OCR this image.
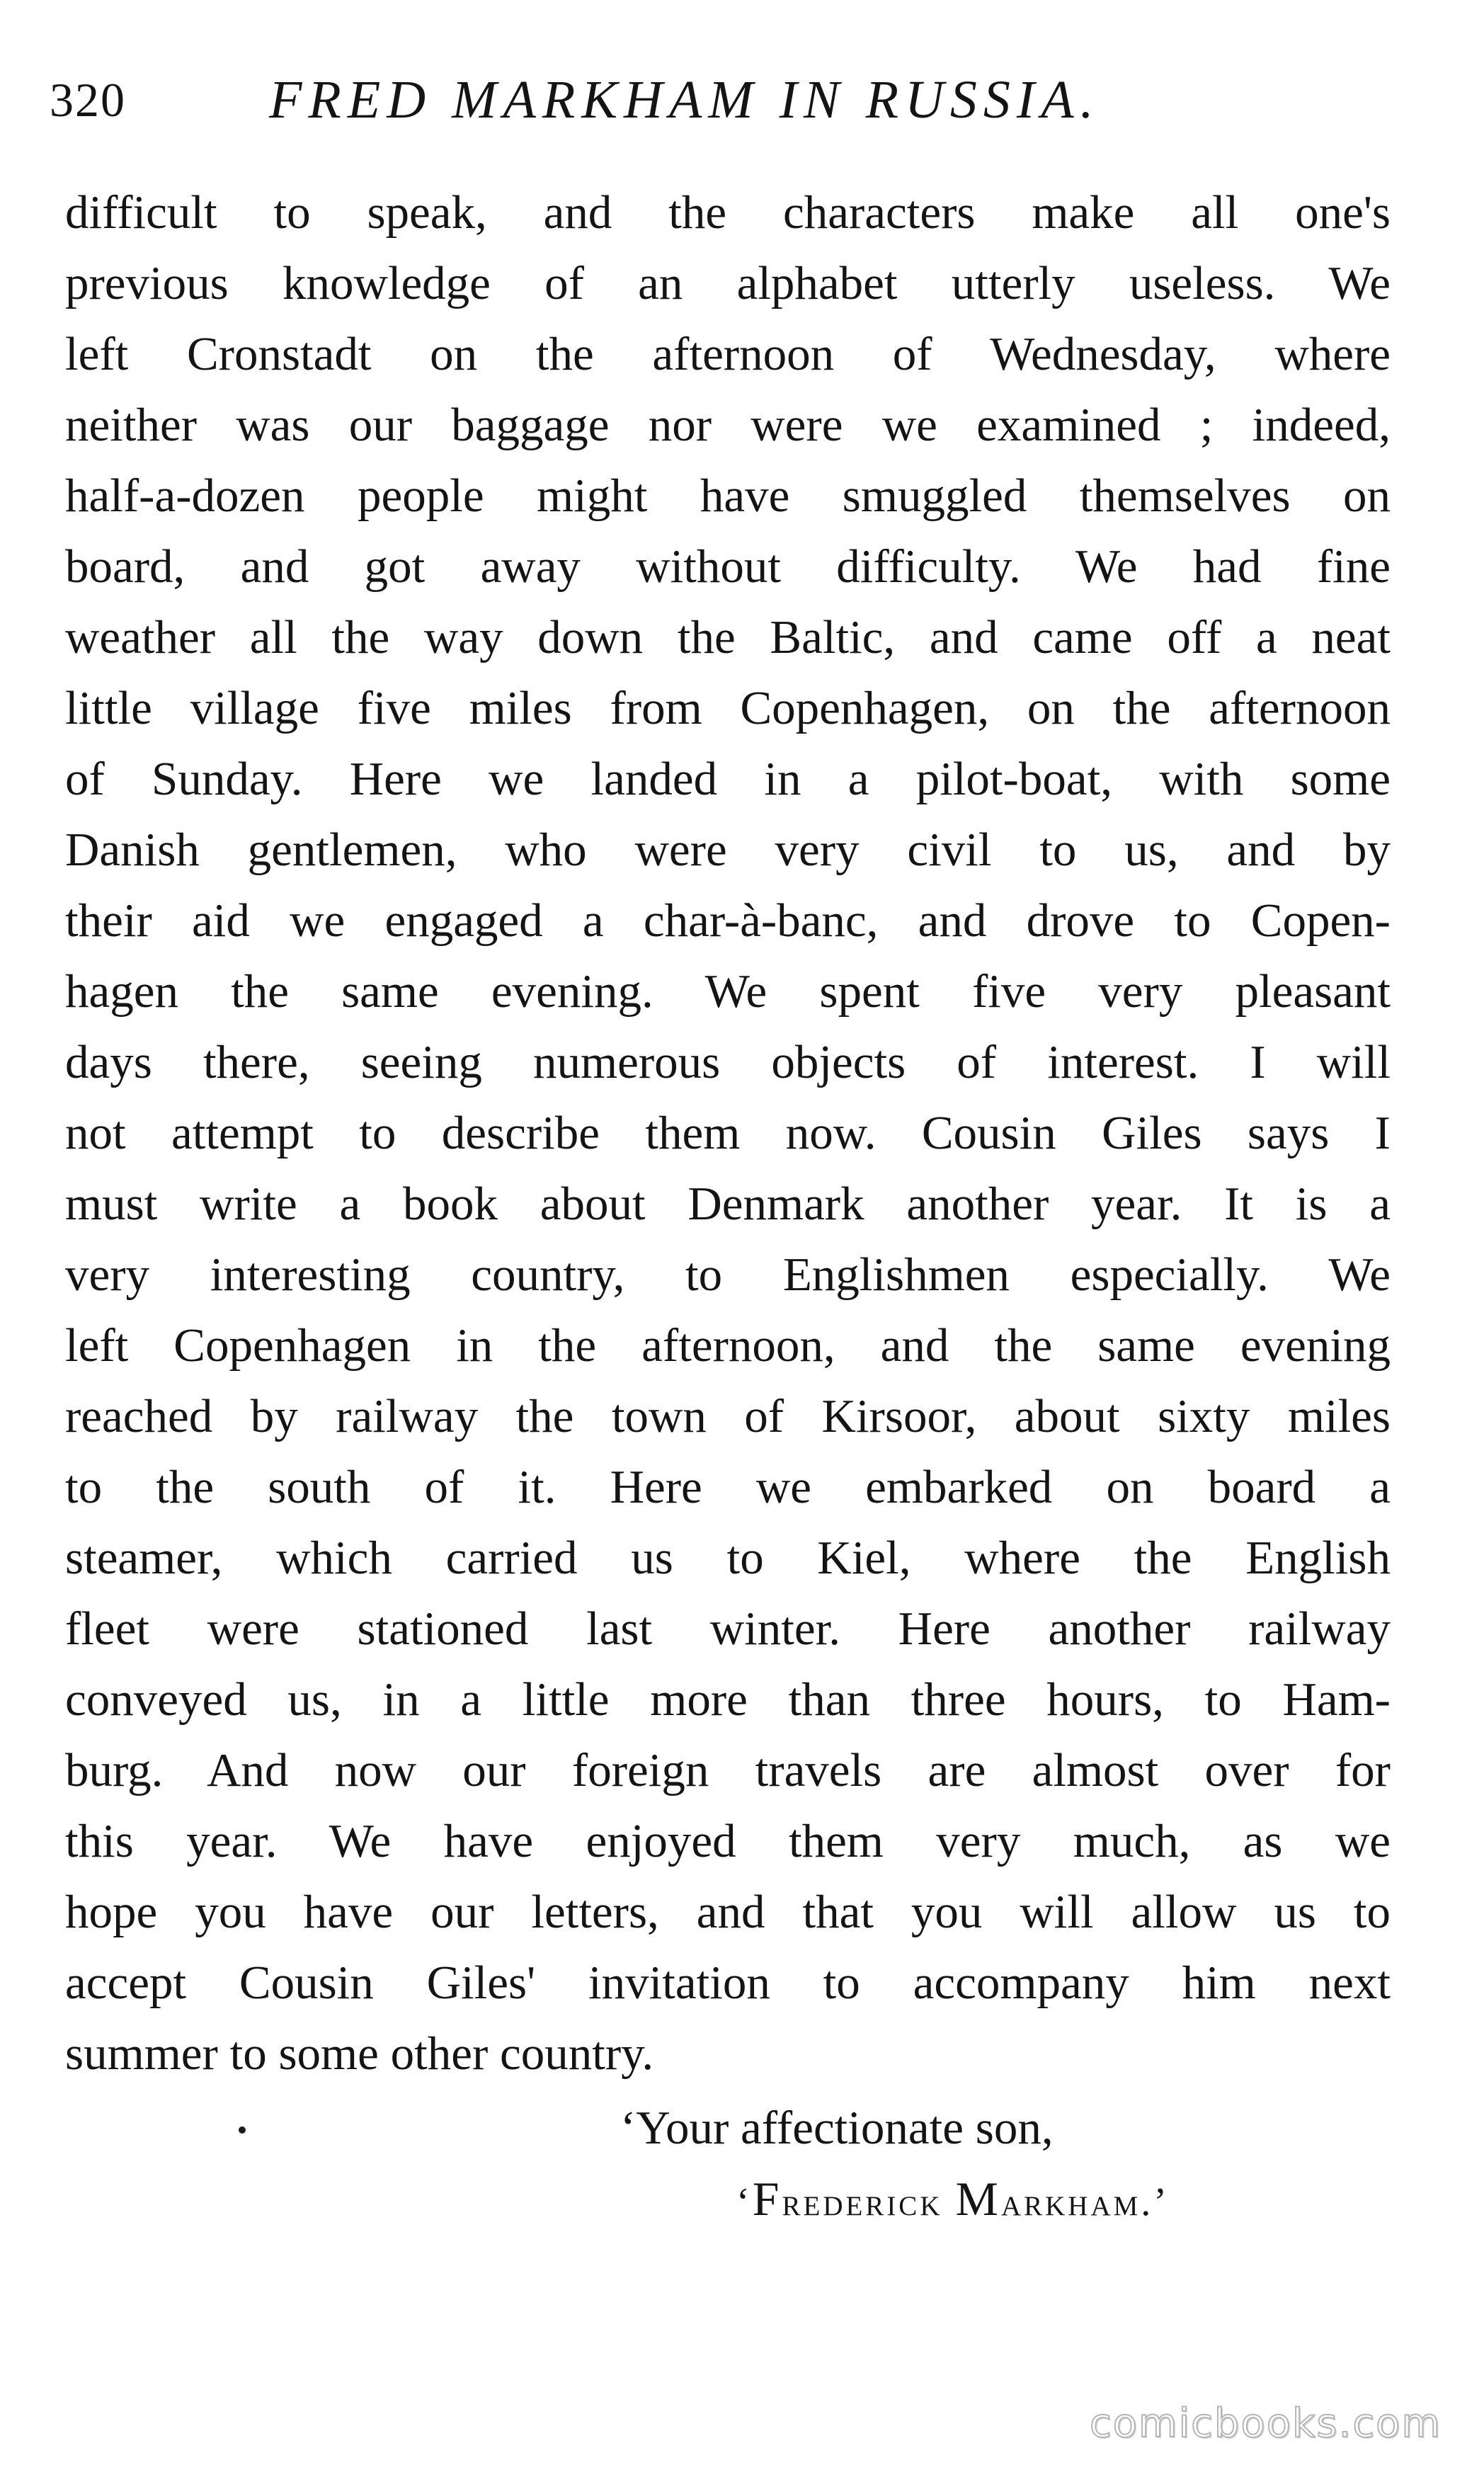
320	FRED MARKHAM IN RUSSIA.
difficult to speak, and the characters make all one's
previous knowledge of an alphabet utterly useless. We
left Cronstadt on the afternoon of Wednesday, where
neither was our baggage nor were we examined ; indeed,
half-a-dozen people might have smuggled themselves on
board, and got away without difficulty. We had fine
weather all the way down the Baltic, and came off a neat
little village five miles from Copenhagen, on the afternoon
of Sunday. Here we landed in a pilot-boat, with some
Danish gentlemen, who were very civil to us, and by
their aid we engaged a char-à-banc, and drove to Copen-
hagen the same evening. We spent five very pleasant
days there, seeing numerous objects of interest. I will
not attempt to describe them now. Cousin Giles says I
must write a book about Denmark another year. It is a
very interesting country, to Englishmen especially. We
left Copenhagen in the afternoon, and the same evening
reached by railway the town of Kirsoor, about sixty miles
to the south of it. Here we embarked on board a
steamer, which carried us to Kiel, where the English
fleet were stationed last winter. Here another railway
conveyed us, in a little more than three hours, to Ham-
burg. And now our foreign travels are almost over for
this year. We have enjoyed them very much, as we
hope you have our letters, and that you will allow us to
accept Cousin Giles' invitation to accompany him next
summer to some other country.
‘Your affectionate son,
‘Frederick Markham.’
comicbooks.com
